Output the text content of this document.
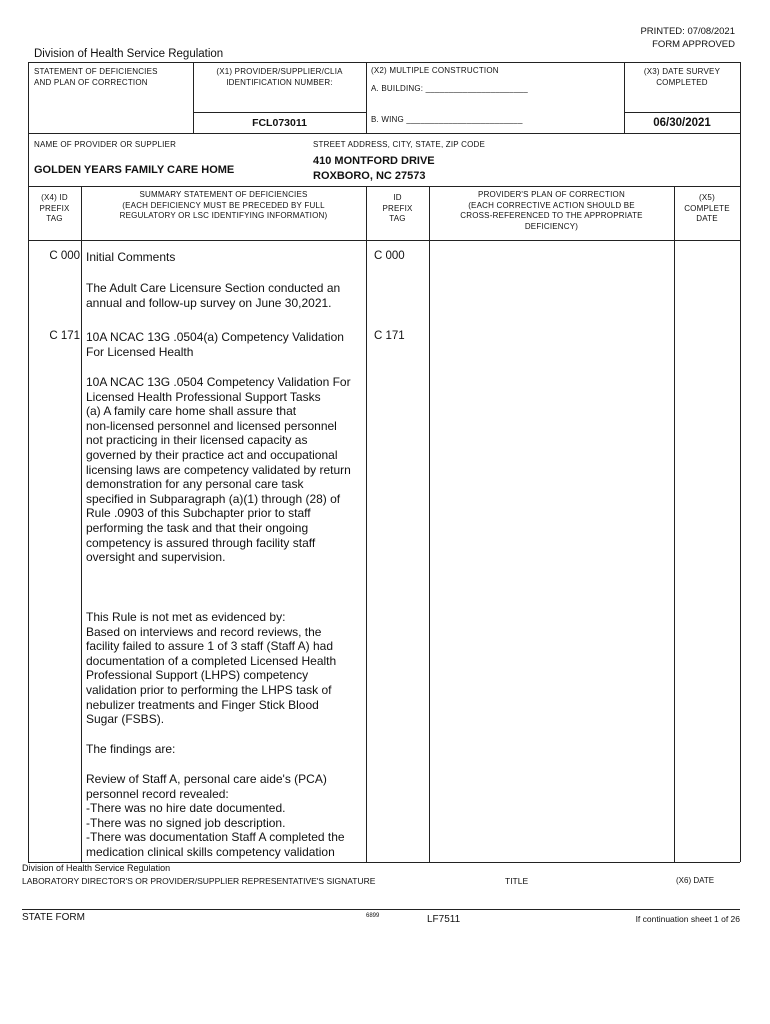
PRINTED: 07/08/2021
FORM APPROVED
Division of Health Service Regulation
STATEMENT OF DEFICIENCIES
AND PLAN OF CORRECTION
(X1) PROVIDER/SUPPLIER/CLIA
IDENTIFICATION NUMBER:
FCL073011
(X2) MULTIPLE CONSTRUCTION
A. BUILDING: ______________________
B. WING _________________________
(X3) DATE SURVEY
COMPLETED
06/30/2021
NAME OF PROVIDER OR SUPPLIER
GOLDEN YEARS FAMILY CARE HOME
STREET ADDRESS, CITY, STATE, ZIP CODE
410 MONTFORD DRIVE
ROXBORO, NC 27573
(X4) ID
PREFIX
TAG
SUMMARY STATEMENT OF DEFICIENCIES
(EACH DEFICIENCY MUST BE PRECEDED BY FULL
REGULATORY OR LSC IDENTIFYING INFORMATION)
ID
PREFIX
TAG
PROVIDER'S PLAN OF CORRECTION
(EACH CORRECTIVE ACTION SHOULD BE
CROSS-REFERENCED TO THE APPROPRIATE
DEFICIENCY)
(X5)
COMPLETE
DATE
C 000	C 000
Initial Comments
The Adult Care Licensure Section conducted an
annual and follow-up survey on June 30,2021.
C 171	C 171
10A NCAC 13G .0504(a) Competency Validation
For Licensed Health
10A NCAC 13G .0504 Competency Validation For
Licensed Health Professional Support Tasks
(a) A family care home shall assure that
non-licensed personnel and licensed personnel
not practicing in their licensed capacity as
governed by their practice act and occupational
licensing laws are competency validated by return
demonstration for any personal care task
specified in Subparagraph (a)(1) through (28) of
Rule .0903 of this Subchapter prior to staff
performing the task and that their ongoing
competency is assured through facility staff
oversight and supervision.
This Rule is not met as evidenced by:
Based on interviews and record reviews, the
facility failed to assure 1 of 3 staff (Staff A) had
documentation of a completed Licensed Health
Professional Support (LHPS) competency
validation prior to performing the LHPS task of
nebulizer treatments and Finger Stick Blood
Sugar (FSBS).
The findings are:
Review of Staff A, personal care aide's (PCA)
personnel record revealed:
-There was no hire date documented.
-There was no signed job description.
-There was documentation Staff A completed the
medication clinical skills competency validation
Division of Health Service Regulation
LABORATORY DIRECTOR'S OR PROVIDER/SUPPLIER REPRESENTATIVE'S SIGNATURE	TITLE	(X6) DATE
STATE FORM	6899	LF7511	If continuation sheet 1 of 26
